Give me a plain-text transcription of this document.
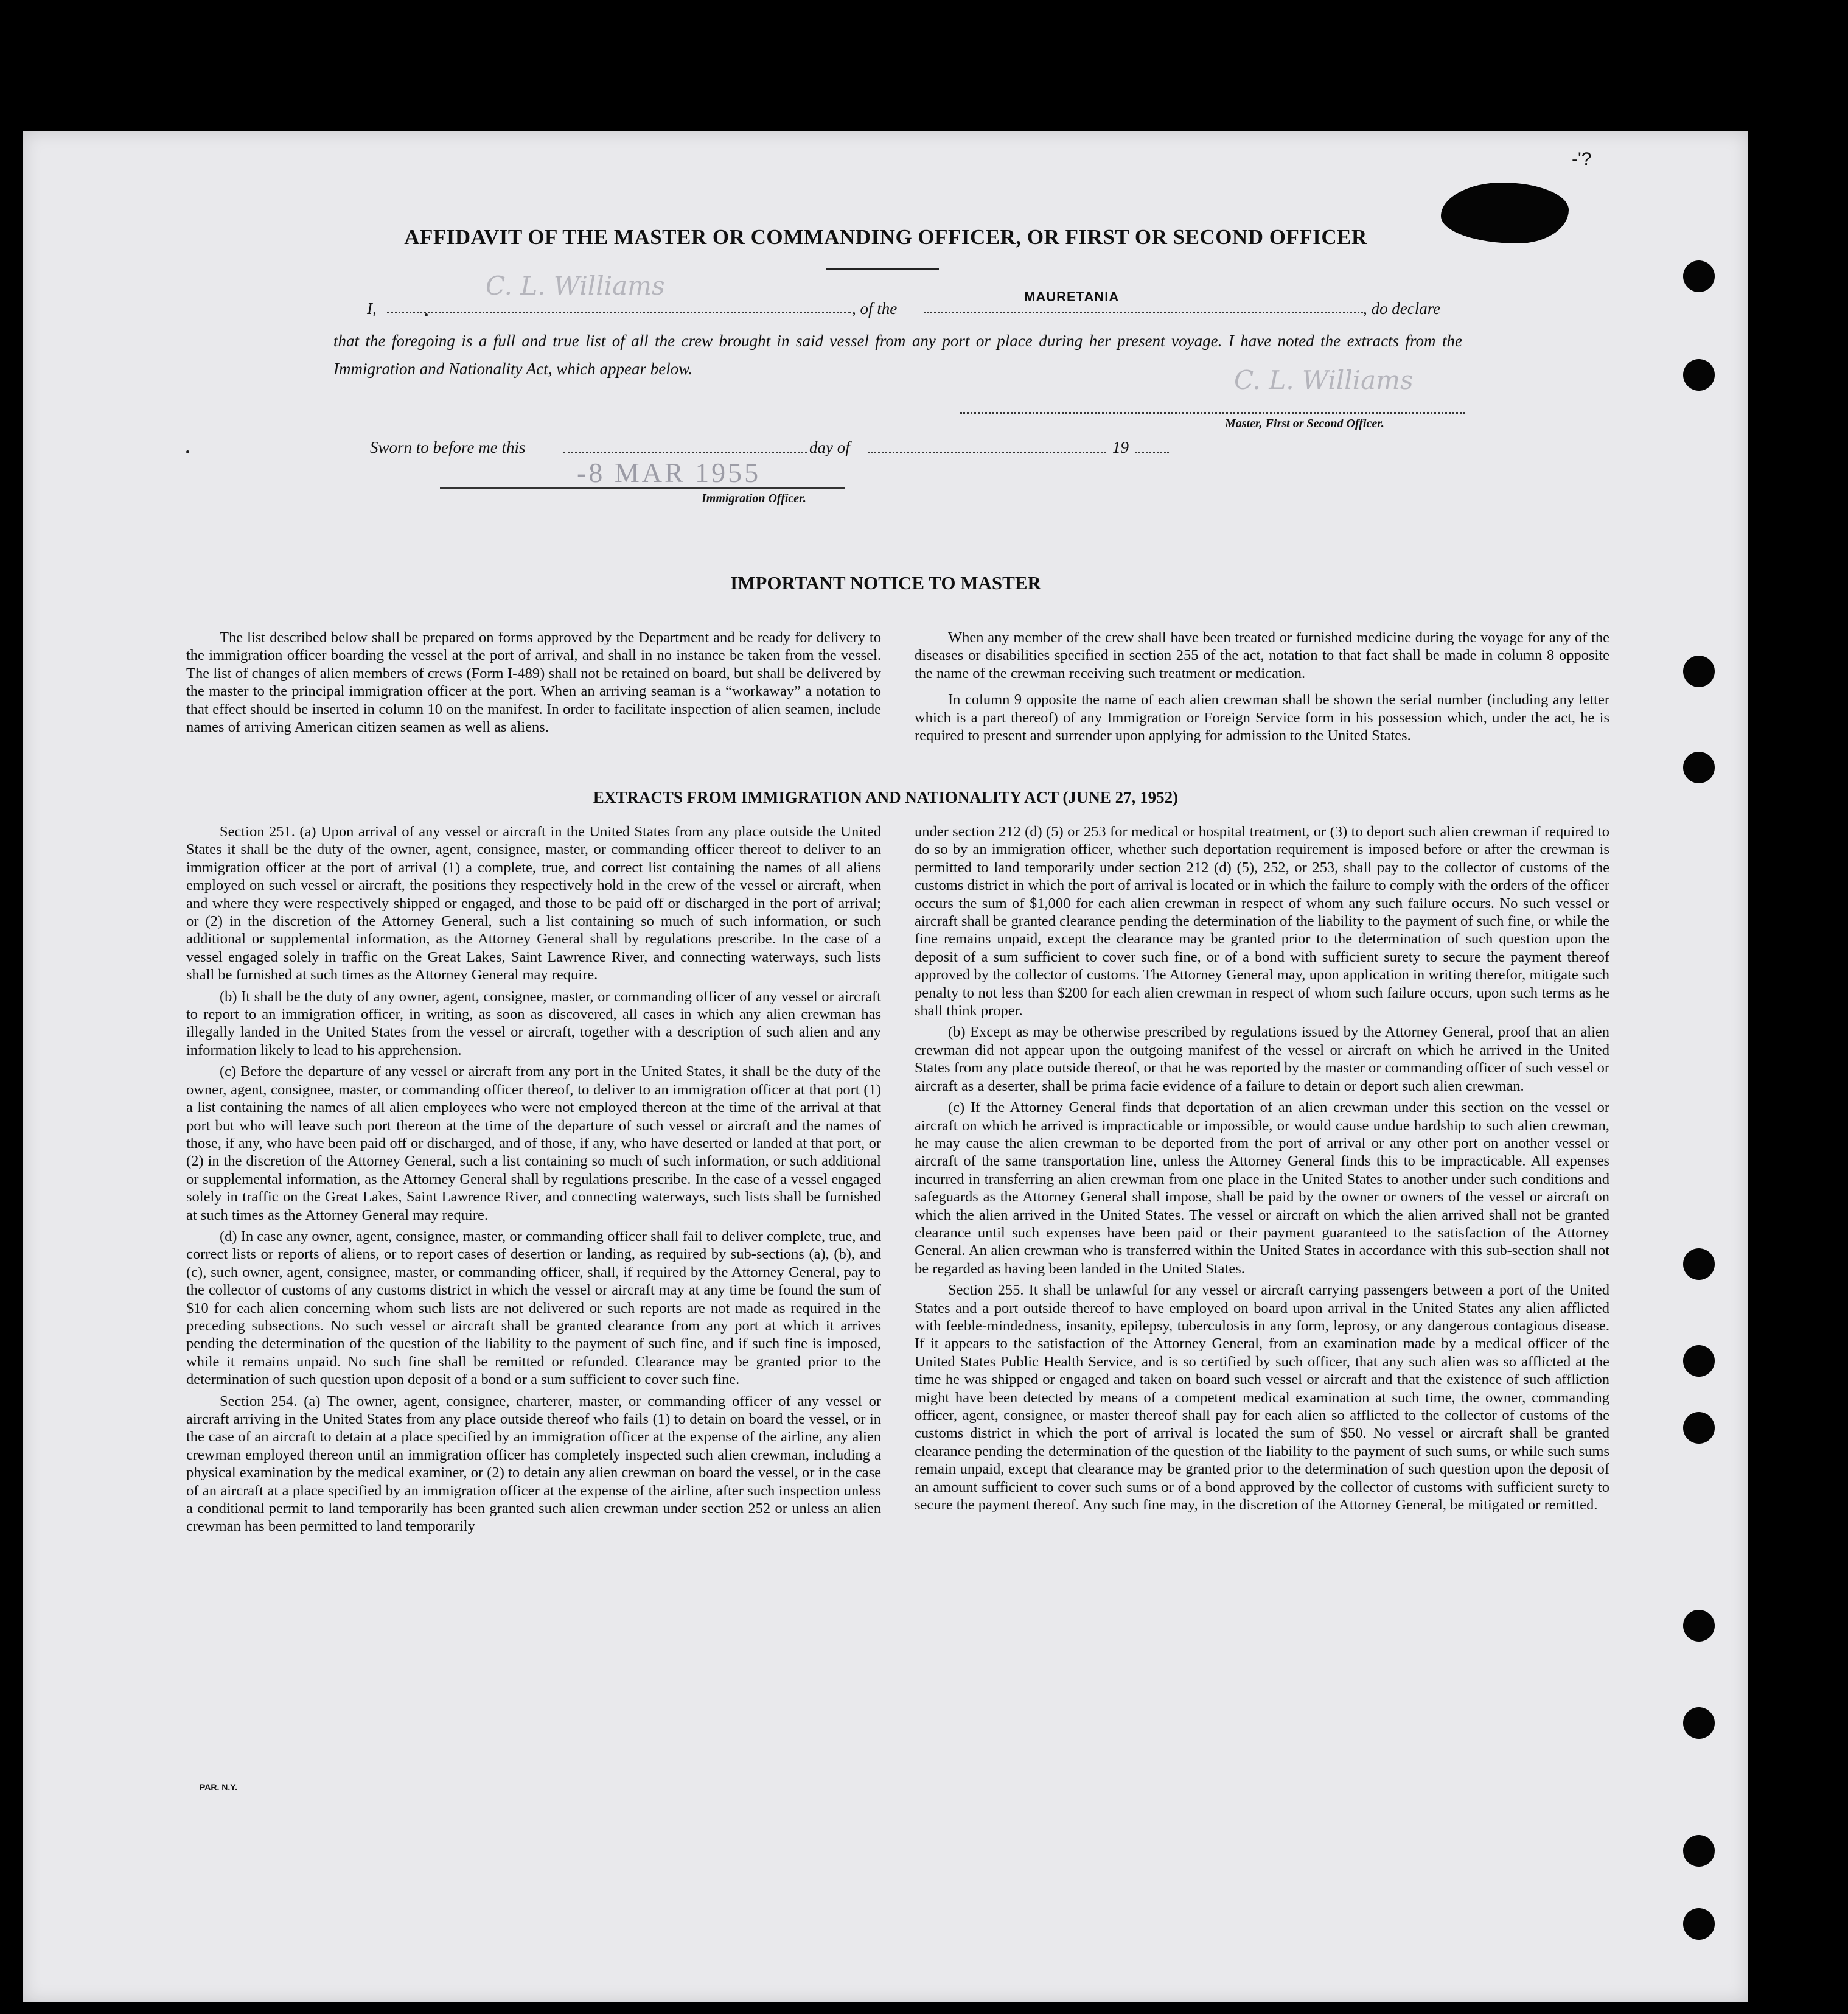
-'?
AFFIDAVIT OF THE MASTER OR COMMANDING OFFICER, OR FIRST OR SECOND OFFICER
I,
C. L. Williams
, of the
MAURETANIA
, do declare
that the foregoing is a full and true list of all the crew brought in said vessel from any port or place during her present voyage. I have noted the extracts from the Immigration and Nationality Act, which appear below.	C. L. Williams
Master, First or Second Officer.
Sworn to before me this	day of	19
-8 MAR 1955
Immigration Officer.
IMPORTANT NOTICE TO MASTER

The list described below shall be prepared on forms approved by the Department and be ready for delivery to the immigration officer boarding the vessel at the port of arrival, and shall in no instance be taken from the vessel. The list of changes of alien members of crews (Form I-489) shall not be retained on board, but shall be delivered by the master to the principal immigration officer at the port. When an arriving seaman is a “workaway” a notation to that effect should be inserted in column 10 on the manifest. In order to facilitate inspection of alien seamen, include names of arriving American citizen seamen as well as aliens.

When any member of the crew shall have been treated or furnished medicine during the voyage for any of the diseases or disabilities specified in section 255 of the act, notation to that fact shall be made in column 8 opposite the name of the crewman receiving such treatment or medication.

In column 9 opposite the name of each alien crewman shall be shown the serial number (including any letter which is a part thereof) of any Immigration or Foreign Service form in his possession which, under the act, he is required to present and surrender upon applying for admission to the United States.

EXTRACTS FROM IMMIGRATION AND NATIONALITY ACT (JUNE 27, 1952)

Section 251. (a) Upon arrival of any vessel or aircraft in the United States from any place outside the United States it shall be the duty of the owner, agent, consignee, master, or commanding officer thereof to deliver to an immigration officer at the port of arrival (1) a complete, true, and correct list containing the names of all aliens employed on such vessel or aircraft, the positions they respectively hold in the crew of the vessel or aircraft, when and where they were respectively shipped or engaged, and those to be paid off or discharged in the port of arrival; or (2) in the discretion of the Attorney General, such a list containing so much of such information, or such additional or supplemental information, as the Attorney General shall by regulations prescribe. In the case of a vessel engaged solely in traffic on the Great Lakes, Saint Lawrence River, and connecting waterways, such lists shall be furnished at such times as the Attorney General may require.

(b) It shall be the duty of any owner, agent, consignee, master, or commanding officer of any vessel or aircraft to report to an immigration officer, in writing, as soon as discovered, all cases in which any alien crewman has illegally landed in the United States from the vessel or aircraft, together with a description of such alien and any information likely to lead to his apprehension.

(c) Before the departure of any vessel or aircraft from any port in the United States, it shall be the duty of the owner, agent, consignee, master, or commanding officer thereof, to deliver to an immigration officer at that port (1) a list containing the names of all alien employees who were not employed thereon at the time of the arrival at that port but who will leave such port thereon at the time of the departure of such vessel or aircraft and the names of those, if any, who have been paid off or discharged, and of those, if any, who have deserted or landed at that port, or (2) in the discretion of the Attorney General, such a list containing so much of such information, or such additional or supplemental information, as the Attorney General shall by regulations prescribe. In the case of a vessel engaged solely in traffic on the Great Lakes, Saint Lawrence River, and connecting waterways, such lists shall be furnished at such times as the Attorney General may require.

(d) In case any owner, agent, consignee, master, or commanding officer shall fail to deliver complete, true, and correct lists or reports of aliens, or to report cases of desertion or landing, as required by sub-sections (a), (b), and (c), such owner, agent, consignee, master, or commanding officer, shall, if required by the Attorney General, pay to the collector of customs of any customs district in which the vessel or aircraft may at any time be found the sum of $10 for each alien concerning whom such lists are not delivered or such reports are not made as required in the preceding subsections. No such vessel or aircraft shall be granted clearance from any port at which it arrives pending the determination of the question of the liability to the payment of such fine, and if such fine is imposed, while it remains unpaid. No such fine shall be remitted or refunded. Clearance may be granted prior to the determination of such question upon deposit of a bond or a sum sufficient to cover such fine.

Section 254. (a) The owner, agent, consignee, charterer, master, or commanding officer of any vessel or aircraft arriving in the United States from any place outside thereof who fails (1) to detain on board the vessel, or in the case of an aircraft to detain at a place specified by an immigration officer at the expense of the airline, any alien crewman employed thereon until an immigration officer has completely inspected such alien crewman, including a physical examination by the medical examiner, or (2) to detain any alien crewman on board the vessel, or in the case of an aircraft at a place specified by an immigration officer at the expense of the airline, after such inspection unless a conditional permit to land temporarily has been granted such alien crewman under section 252 or unless an alien crewman has been permitted to land temporarily

under section 212 (d) (5) or 253 for medical or hospital treatment, or (3) to deport such alien crewman if required to do so by an immigration officer, whether such deportation requirement is imposed before or after the crewman is permitted to land temporarily under section 212 (d) (5), 252, or 253, shall pay to the collector of customs of the customs district in which the port of arrival is located or in which the failure to comply with the orders of the officer occurs the sum of $1,000 for each alien crewman in respect of whom any such failure occurs. No such vessel or aircraft shall be granted clearance pending the determination of the liability to the payment of such fine, or while the fine remains unpaid, except the clearance may be granted prior to the determination of such question upon the deposit of a sum sufficient to cover such fine, or of a bond with sufficient surety to secure the payment thereof approved by the collector of customs. The Attorney General may, upon application in writing therefor, mitigate such penalty to not less than $200 for each alien crewman in respect of whom such failure occurs, upon such terms as he shall think proper.

(b) Except as may be otherwise prescribed by regulations issued by the Attorney General, proof that an alien crewman did not appear upon the outgoing manifest of the vessel or aircraft on which he arrived in the United States from any place outside thereof, or that he was reported by the master or commanding officer of such vessel or aircraft as a deserter, shall be prima facie evidence of a failure to detain or deport such alien crewman.

(c) If the Attorney General finds that deportation of an alien crewman under this section on the vessel or aircraft on which he arrived is impracticable or impossible, or would cause undue hardship to such alien crewman, he may cause the alien crewman to be deported from the port of arrival or any other port on another vessel or aircraft of the same transportation line, unless the Attorney General finds this to be impracticable. All expenses incurred in transferring an alien crewman from one place in the United States to another under such conditions and safeguards as the Attorney General shall impose, shall be paid by the owner or owners of the vessel or aircraft on which the alien arrived in the United States. The vessel or aircraft on which the alien arrived shall not be granted clearance until such expenses have been paid or their payment guaranteed to the satisfaction of the Attorney General. An alien crewman who is transferred within the United States in accordance with this sub-section shall not be regarded as having been landed in the United States.

Section 255. It shall be unlawful for any vessel or aircraft carrying passengers between a port of the United States and a port outside thereof to have employed on board upon arrival in the United States any alien afflicted with feeble-mindedness, insanity, epilepsy, tuberculosis in any form, leprosy, or any dangerous contagious disease. If it appears to the satisfaction of the Attorney General, from an examination made by a medical officer of the United States Public Health Service, and is so certified by such officer, that any such alien was so afflicted at the time he was shipped or engaged and taken on board such vessel or aircraft and that the existence of such affliction might have been detected by means of a competent medical examination at such time, the owner, commanding officer, agent, consignee, or master thereof shall pay for each alien so afflicted to the collector of customs of the customs district in which the port of arrival is located the sum of $50. No vessel or aircraft shall be granted clearance pending the determination of the question of the liability to the payment of such sums, or while such sums remain unpaid, except that clearance may be granted prior to the determination of such question upon the deposit of an amount sufficient to cover such sums or of a bond approved by the collector of customs with sufficient surety to secure the payment thereof. Any such fine may, in the discretion of the Attorney General, be mitigated or remitted.

PAR. N.Y.
